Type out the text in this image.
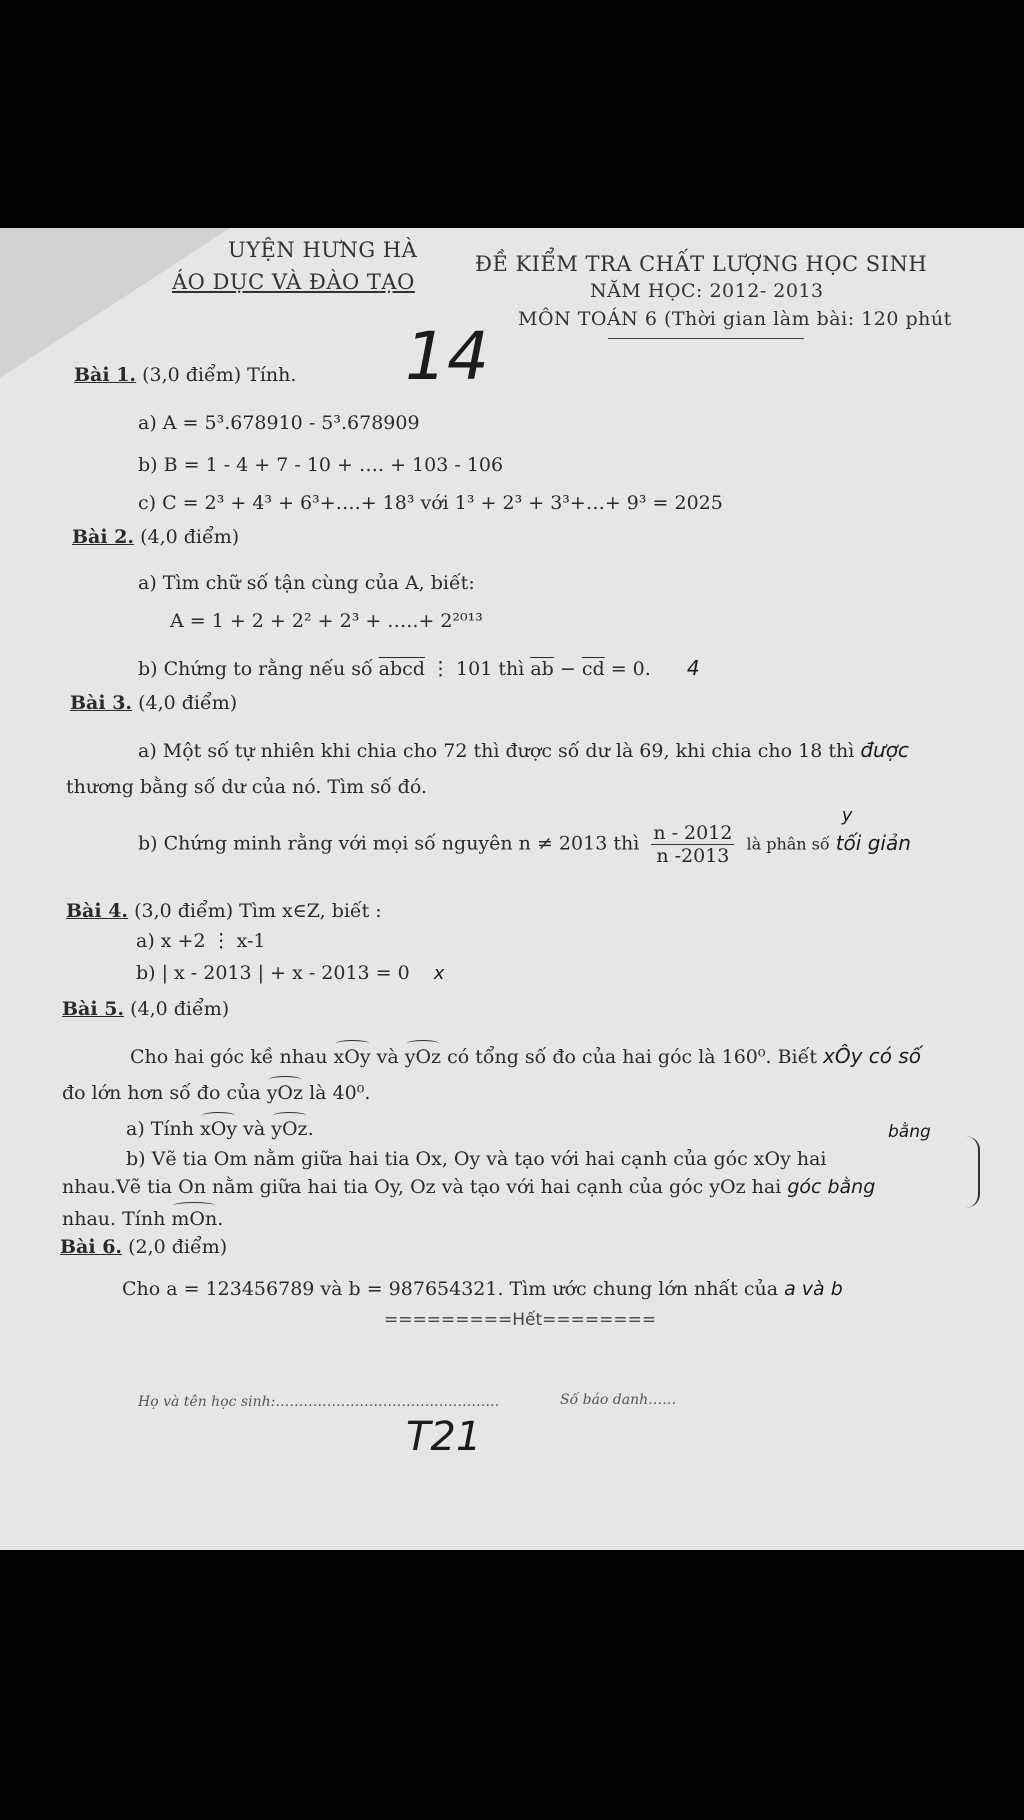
UYỆN HƯNG HÀ
ÁO DỤC VÀ ĐÀO TẠO
ĐỀ KIỂM TRA CHẤT LƯỢNG HỌC SINH
NĂM HỌC: 2012- 2013
MÔN TOÁN 6 (Thời gian làm bài: 120 phút
14
Bài 1. (3,0 điểm) Tính.
a) A = 5³.678910 - 5³.678909
b) B = 1 - 4 + 7 - 10 + …. + 103 - 106
c) C = 2³ + 4³ + 6³+….+ 18³ với 1³ + 2³ + 3³+…+ 9³ = 2025
Bài 2. (4,0 điểm)
a) Tìm chữ số tận cùng của A, biết:
A = 1 + 2 + 2² + 2³ + …..+ 2²⁰¹³
b) Chứng to rằng nếu số abcd ⋮ 101 thì $\overline{ab} - \overline{cd} = 0$. 4
Bài 3. (4,0 điểm)
a) Một số tự nhiên khi chia cho 72 thì được số dư là 69, khi chia cho 18 thì được
thương bằng số dư của nó. Tìm số đó.
b) Chứng minh rằng với mọi số nguyên n ≠ 2013 thì $\frac{n - 2012}{n -2013}$ là phân số
y
tối giản
Bài 4. (3,0 điểm) Tìm x∈Z, biết :
a) x +2 ⋮ x-1
b) | x - 2013 | + x - 2013 = 0 x
Bài 5. (4,0 điểm)
Cho hai góc kề nhau xOy và yOz có tổng số đo của hai góc là 160⁰. Biết xÔy có số
đo lớn hơn số đo của yOz là 40⁰.
a) Tính xOy và yOz.	bằng
b) Vẽ tia Om nằm giữa hai tia Ox, Oy và tạo với hai cạnh của góc xOy hai
nhau.Vẽ tia On nằm giữa hai tia Oy, Oz và tạo với hai cạnh của góc yOz hai góc bằng
nhau. Tính mOn.
Bài 6. (2,0 điểm)
Cho a = 123456789 và b = 987654321. Tìm ước chung lớn nhất của a và b
=========Hết========
Họ và tên học sinh:…………………………………………	Số báo danh……
T21
